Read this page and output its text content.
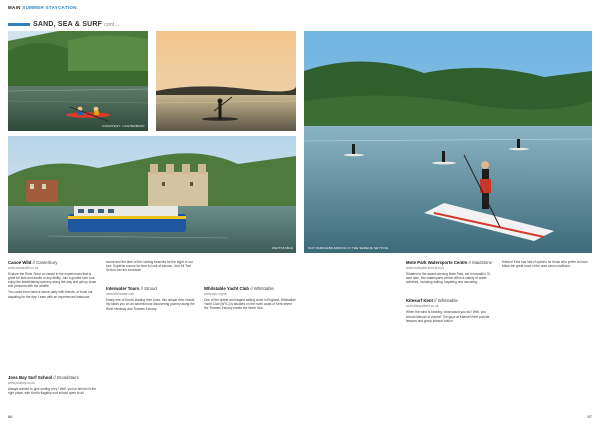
MAIN SUMMER STAYCATION
SAND, SEA & SURF cont...
COURTESY: CANTERBURY
WHITSTABLE	SUP PADDLEBOARDING IN THE SERENE SETTING
Canoe Wild // Canterbury
www.canoewild.co.uk

Explore the River Stour on canoe in the experiences that is great for kids and adults of any ability. Join a guided river tour, enjoy the breathtaking scenery along the way and get up close and personal with the wildlife.

You could even have a canoe party with friends, or book out kayaking for the day. Learn with an experienced instructor.

Joss Bay Surf School // Broadstairs
www.jossbay.co.uk

Always wanted to give surfing a try? Well, you've arrived in the right place, with Kent's flagship surf school open to all.

scene and the time of the rushing beaches for the eight of our tour. Superbe course for time to look at canoes. Join Kit Tool School can the exclusive.

Interwater Tours // Stroud
www.interwater.com

Easily one of Kent's leading river tours, this unique river vessel trip takes you on an adventurous discovering journey along the River Medway and Thames Estuary.

Whitstable Yacht Club // Whitstable
www.wyc.org.uk

One of the oldest and largest sailing clubs in England, Whitstable Yacht Club (WYC) is situated on the north coast of Kent where the Thames Estuary meets the North Sea.

Mote Park Watersports Centre // Maidstone
www.motepark.kent.sch.uk

Situated in the award-winning Mote Park, set in beautiful 70-acre lake, this watersports centre offers a variety of water activities, including sailing, kayaking and canoeing.

Kitesurf Kent // Whitstable
www.kitesurfkent.co.uk

When the wind is blowing, what would you do? Well, you should kitesurf of course! The guys at Kitesurf Kent provide lessons and group kitesurf tuition.

Kitesurf Kent has lots of options for those who prefer to learn. Make the great most of the area wind conditions.

86	87
